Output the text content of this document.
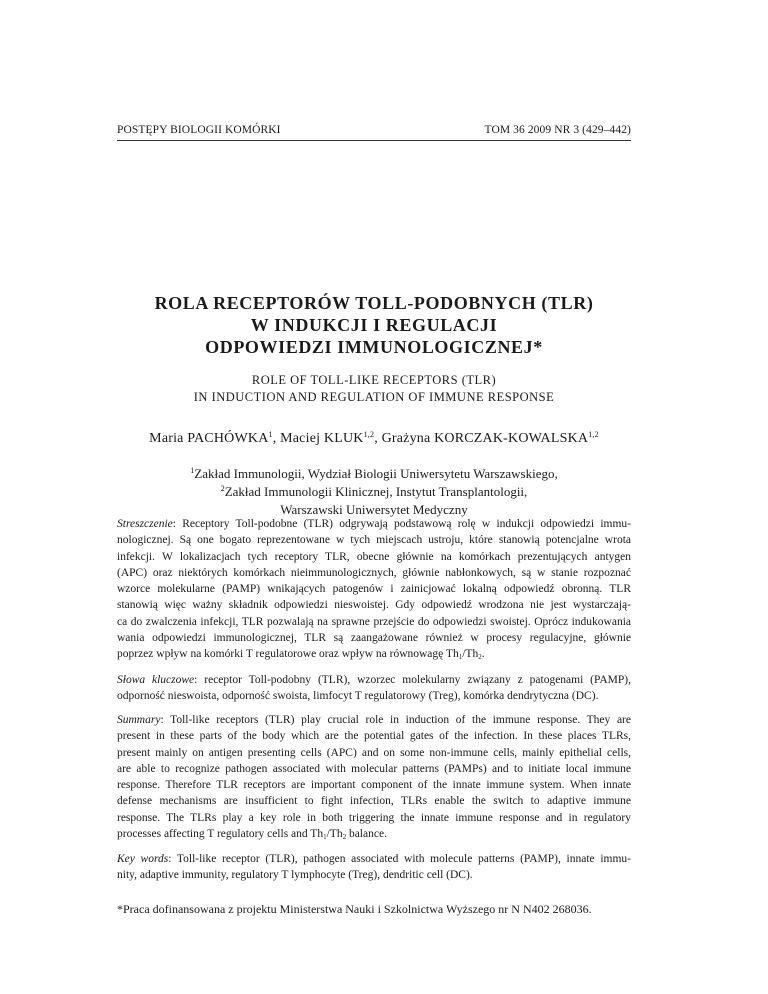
POSTĘPY BIOLOGII KOMÓRKI	TOM 36 2009 NR 3 (429–442)
ROLA RECEPTORÓW TOLL-PODOBNYCH (TLR)
W INDUKCJI I REGULACJI
ODPOWIEDZI IMMUNOLOGICZNEJ*
ROLE OF TOLL-LIKE RECEPTORS (TLR)
IN INDUCTION AND REGULATION OF IMMUNE RESPONSE
Maria PACHÓWKA$^1$, Maciej KLUK$^{1,2}$, Grażyna KORCZAK-KOWALSKA$^{1,2}$
$^1$Zakład Immunologii, Wydział Biologii Uniwersytetu Warszawskiego,
$^2$Zakład Immunologii Klinicznej, Instytut Transplantologii,
Warszawski Uniwersytet Medyczny
Streszczenie: Receptory Toll-podobne (TLR) odgrywają podstawową rolę w indukcji odpowiedzi immu-
nologicznej. Są one bogato reprezentowane w tych miejscach ustroju, które stanowią potencjalne wrota
infekcji. W lokalizacjach tych receptory TLR, obecne głównie na komórkach prezentujących antygen
(APC) oraz niektórych komórkach nieimmunologicznych, głównie nabłonkowych, są w stanie rozpoznać
wzorce molekularne (PAMP) wnikających patogenów i zainicjować lokalną odpowiedź obronną. TLR
stanowią więc ważny składnik odpowiedzi nieswoistej. Gdy odpowiedź wrodzona nie jest wystarczają-
ca do zwalczenia infekcji, TLR pozwalają na sprawne przejście do odpowiedzi swoistej. Oprócz indukowania
wania odpowiedzi immunologicznej, TLR są zaangażowane również w procesy regulacyjne, głównie
poprzez wpływ na komórki T regulatorowe oraz wpływ na równowagę $Th_1/Th_2$.
Słowa kluczowe: receptor Toll-podobny (TLR), wzorzec molekularny związany z patogenami (PAMP),
odporność nieswoista, odporność swoista, limfocyt T regulatorowy (Treg), komórka dendrytyczna (DC).
Summary: Toll-like receptors (TLR) play crucial role in induction of the immune response. They are
present in these parts of the body which are the potential gates of the infection. In these places TLRs,
present mainly on antigen presenting cells (APC) and on some non-immune cells, mainly epithelial cells,
are able to recognize pathogen associated with molecular patterns (PAMPs) and to initiate local immune
response. Therefore TLR receptors are important component of the innate immune system. When innate
defense mechanisms are insufficient to fight infection, TLRs enable the switch to adaptive immune
response. The TLRs play a key role in both triggering the innate immune response and in regulatory
processes affecting T regulatory cells and $Th_1/Th_2$ balance.
Key words: Toll-like receptor (TLR), pathogen associated with molecule patterns (PAMP), innate immu-
nity, adaptive immunity, regulatory T lymphocyte (Treg), dendritic cell (DC).
*Praca dofinansowana z projektu Ministerstwa Nauki i Szkolnictwa Wyższego nr N N402 268036.
